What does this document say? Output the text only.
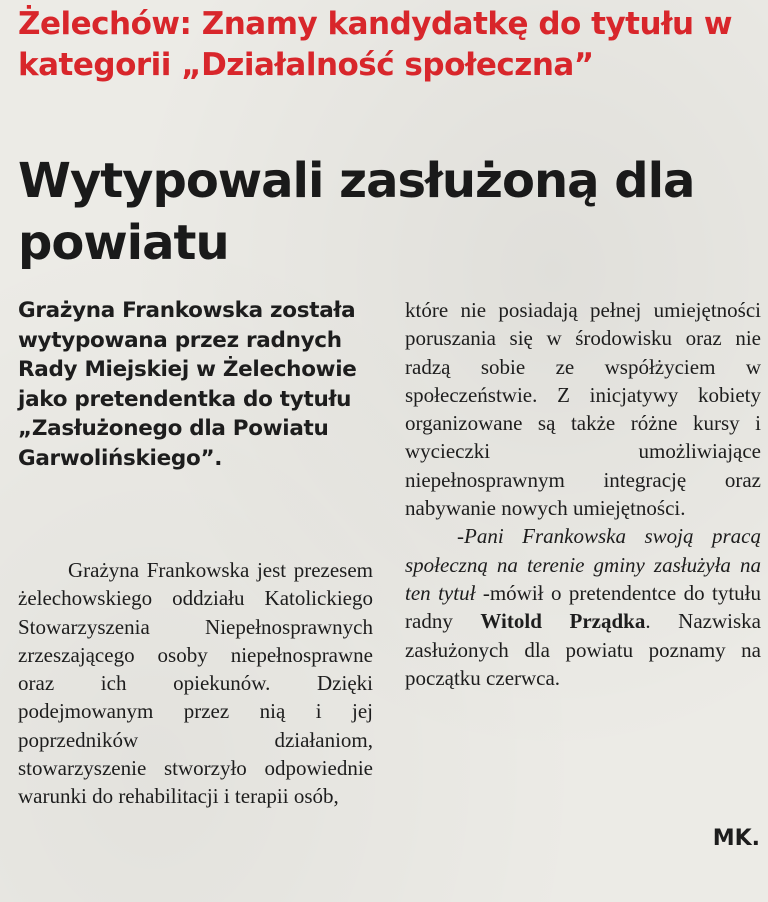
Żelechów: Znamy kandydatkę do tytułu w kategorii „Działalność społeczna”
Wytypowali zasłużoną dla powiatu
Grażyna Frankowska została wytypowana przez radnych Rady Miejskiej w Żelechowie jako pretendentka do tytułu „Zasłużonego dla Powiatu Garwolińskiego”.

Grażyna Frankowska jest prezesem żelechowskiego oddziału Katolickiego Stowarzyszenia Niepełnosprawnych zrzeszającego osoby niepełnosprawne oraz ich opiekunów. Dzięki podejmowanym przez nią i jej poprzedników działaniom, stowarzyszenie stworzyło odpowiednie warunki do rehabilitacji i terapii osób,

które nie posiadają pełnej umiejętności poruszania się w środowisku oraz nie radzą sobie ze współżyciem w społeczeństwie. Z inicjatywy kobiety organizowane są także różne kursy i wycieczki umożliwiające niepełnosprawnym integrację oraz nabywanie nowych umiejętności.

-Pani Frankowska swoją pracą społeczną na terenie gminy zasłużyła na ten tytuł -mówił o pretendentce do tytułu radny Witold Prządka. Nazwiska zasłużonych dla powiatu poznamy na początku czerwca.

MK.
